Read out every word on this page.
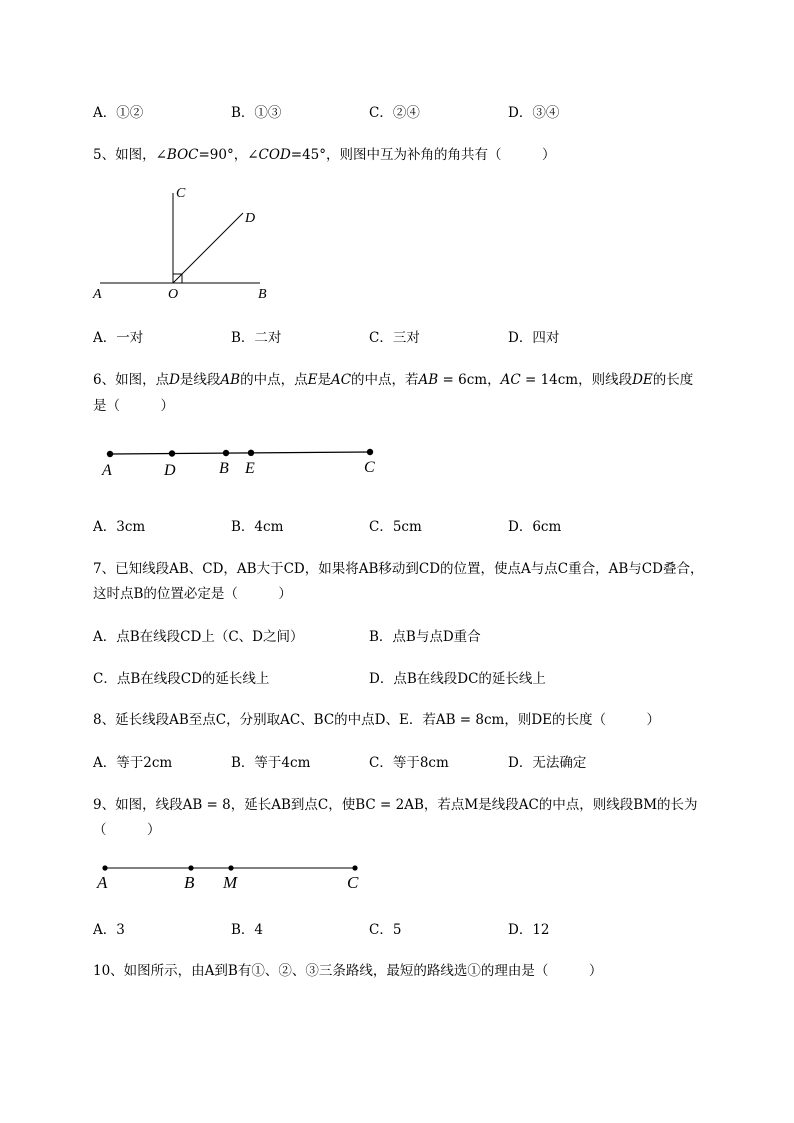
A．①②	B．①③	C．②④	D．③④
5、如图，∠BOC=90°，∠COD=45°，则图中互为补角的角共有（　　　）
A	O	B
C
D
A．一对	B．二对	C．三对	D．四对
6、如图，点D是线段AB的中点，点E是AC的中点，若AB = 6cm，AC = 14cm，则线段DE的长度
是（　　　）
A	D	B E	C
A．3cm	B．4cm	C．5cm	D．6cm
7、已知线段AB、CD，AB大于CD，如果将AB移动到CD的位置，使点A与点C重合，AB与CD叠合，
这时点B的位置必定是（　　　）
A．点B在线段CD上（C、D之间）	B．点B与点D重合
C．点B在线段CD的延长线上	D．点B在线段DC的延长线上
8、延长线段AB至点C，分别取AC、BC的中点D、E．若AB = 8cm，则DE的长度（　　　）
A．等于2cm	B．等于4cm	C．等于8cm	D．无法确定
9、如图，线段AB = 8，延长AB到点C，使BC = 2AB，若点M是线段AC的中点，则线段BM的长为
（　　　）
A	B M	C
A．3	B．4	C．5	D．12
10、如图所示，由A到B有①、②、③三条路线，最短的路线选①的理由是（　　　）
